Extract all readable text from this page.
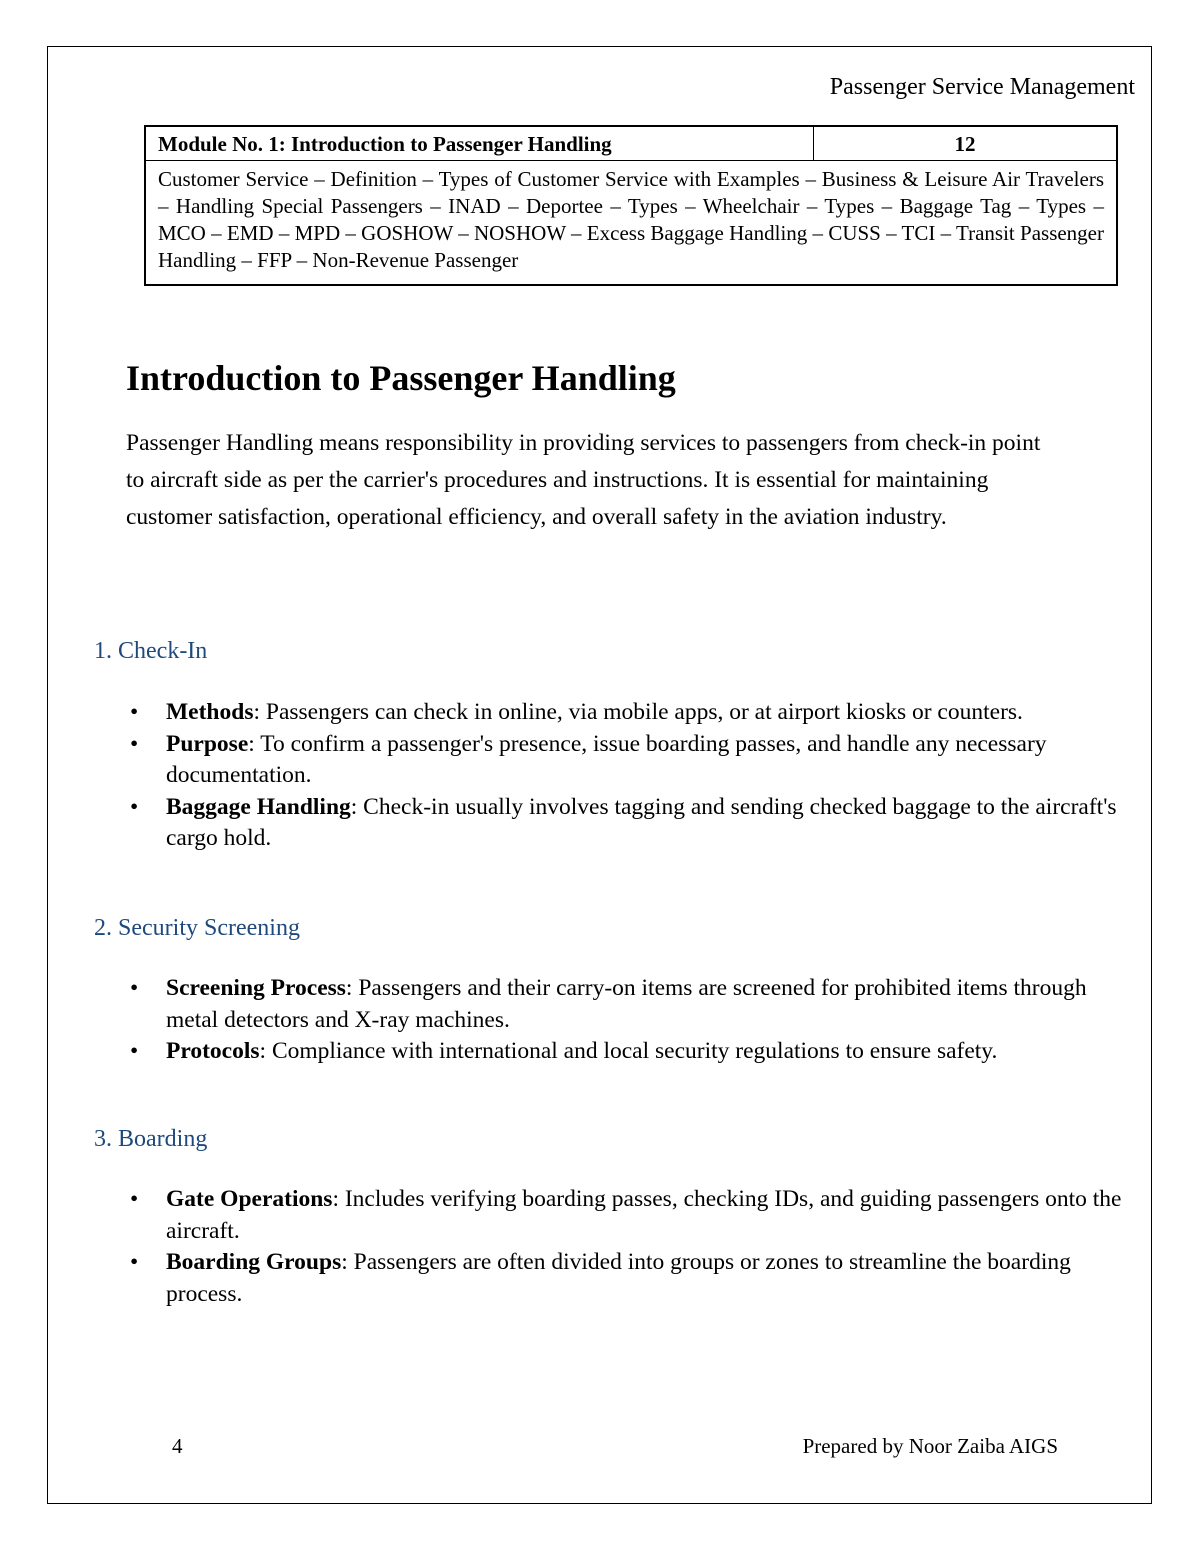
Passenger Service Management
Module No. 1: Introduction to Passenger Handling	12
Customer Service – Definition – Types of Customer Service with Examples – Business & Leisure Air Travelers – Handling Special Passengers – INAD – Deportee – Types – Wheelchair – Types – Baggage Tag – Types – MCO – EMD – MPD – GOSHOW – NOSHOW – Excess Baggage Handling – CUSS – TCI – Transit Passenger Handling – FFP – Non-Revenue Passenger
Introduction to Passenger Handling

Passenger Handling means responsibility in providing services to passengers from check-in point to aircraft side as per the carrier's procedures and instructions. It is essential for maintaining customer satisfaction, operational efficiency, and overall safety in the aviation industry.

1. Check-In
• Methods: Passengers can check in online, via mobile apps, or at airport kiosks or counters.
• Purpose: To confirm a passenger's presence, issue boarding passes, and handle any necessary documentation.
• Baggage Handling: Check-in usually involves tagging and sending checked baggage to the aircraft's cargo hold.
2. Security Screening
• Screening Process: Passengers and their carry-on items are screened for prohibited items through metal detectors and X-ray machines.
• Protocols: Compliance with international and local security regulations to ensure safety.
3. Boarding
• Gate Operations: Includes verifying boarding passes, checking IDs, and guiding passengers onto the aircraft.
• Boarding Groups: Passengers are often divided into groups or zones to streamline the boarding process.
4	Prepared by Noor Zaiba AIGS
